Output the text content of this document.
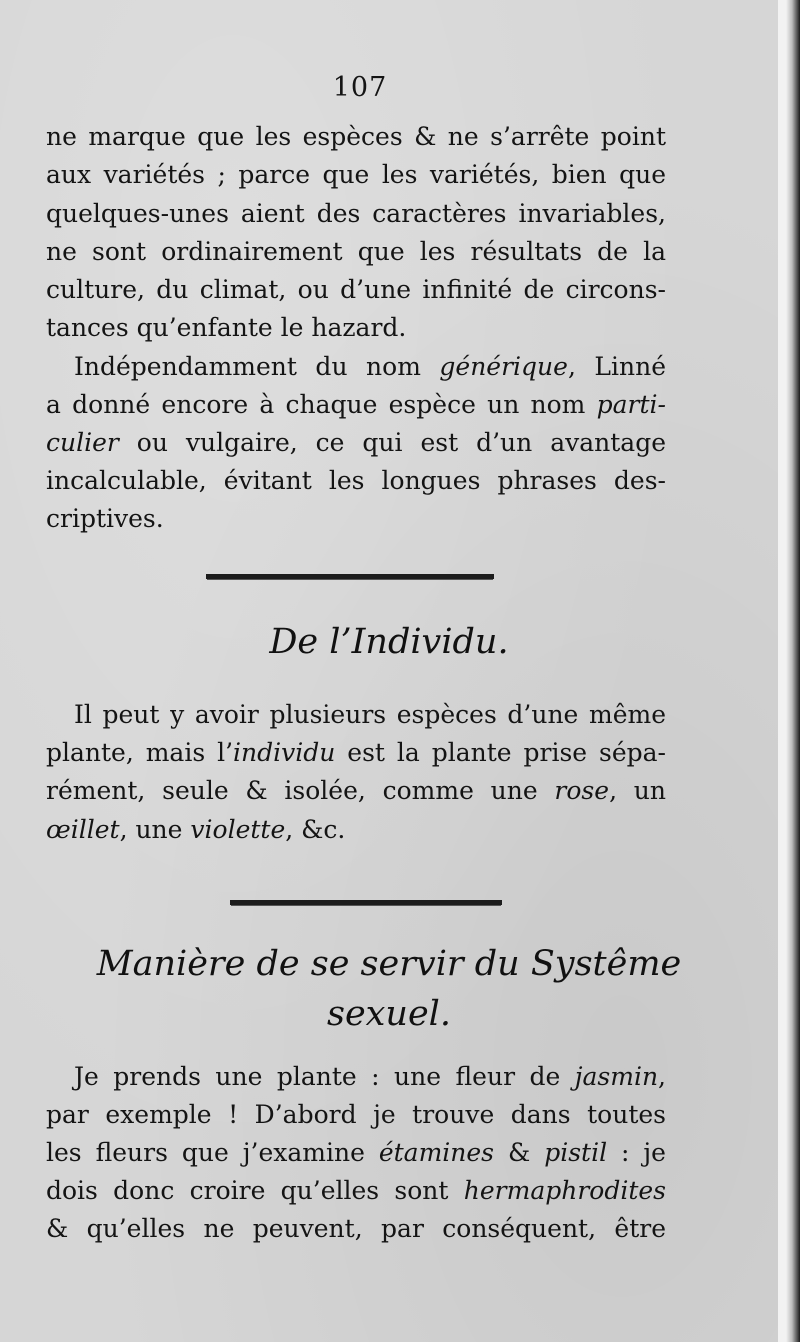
107
ne marque que les espèces & ne s’arrête point
aux variétés ; parce que les variétés, bien que
quelques-unes aient des caractères invariables,
ne sont ordinairement que les résultats de la
culture, du climat, ou d’une infinité de circons-
tances qu’enfante le hazard.
Indépendamment du nom générique, Linné
a donné encore à chaque espèce un nom parti-
culier ou vulgaire, ce qui est d’un avantage
incalculable, évitant les longues phrases des-
criptives.
De l’Individu.
Il peut y avoir plusieurs espèces d’une même
plante, mais l’individu est la plante prise sépa-
rément, seule & isolée, comme une rose, un
œillet, une violette, &c.
Manière de se servir du Systême
sexuel.
Je prends une plante : une fleur de jasmin,
par exemple ! D’abord je trouve dans toutes
les fleurs que j’examine étamines & pistil : je
dois donc croire qu’elles sont hermaphrodites
& qu’elles ne peuvent, par conséquent, être
